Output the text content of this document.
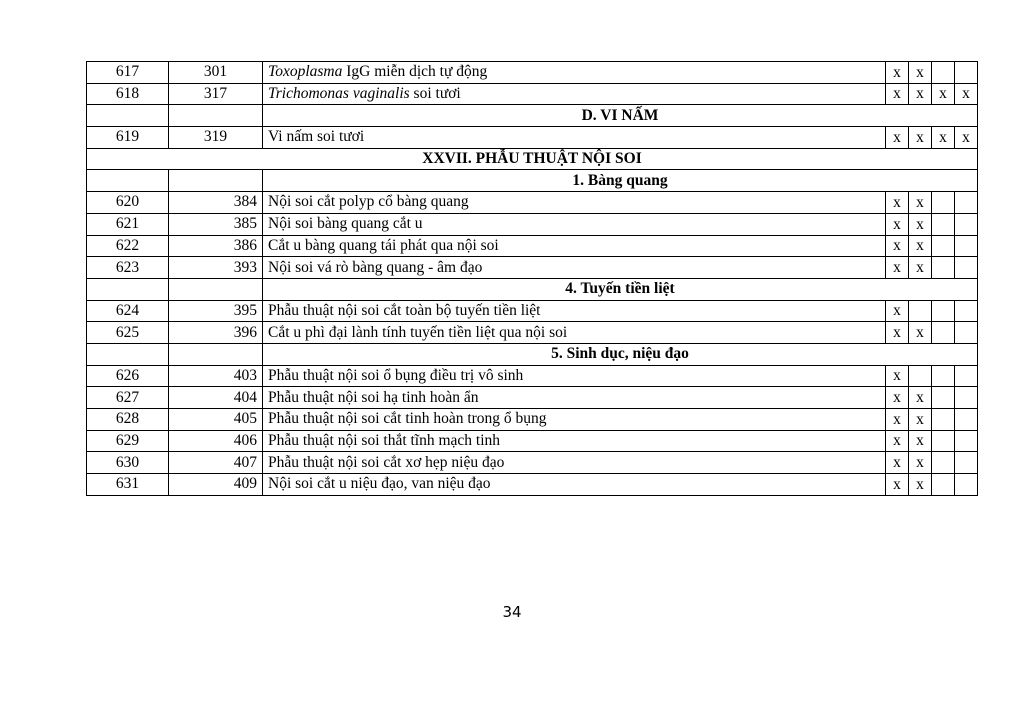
617	301	Toxoplasma IgG miễn dịch tự động	x	x		
618	317	Trichomonas vaginalis soi tươi	x	x	x	x
		D. VI NẤM				
619	319	Vi nấm soi tươi	x	x	x	x
XXVII. PHẪU THUẬT NỘI SOI						
		1. Bàng quang				
620	384	Nội soi cắt polyp cổ bàng quang	x	x		
621	385	Nội soi bàng quang cắt u	x	x		
622	386	Cắt u bàng quang tái phát qua nội soi	x	x		
623	393	Nội soi vá rò bàng quang - âm đạo	x	x		
		4. Tuyến tiền liệt				
624	395	Phẫu thuật nội soi cắt toàn bộ tuyến tiền liệt	x			
625	396	Cắt u phì đại lành tính tuyến tiền liệt qua nội soi	x	x		
		5. Sinh dục, niệu đạo				
626	403	Phẫu thuật nội soi ổ bụng điều trị vô sinh	x			
627	404	Phẫu thuật nội soi hạ tinh hoàn ẩn	x	x		
628	405	Phẫu thuật nội soi cắt tinh hoàn trong ổ bụng	x	x		
629	406	Phẫu thuật nội soi thắt tĩnh mạch tinh	x	x		
630	407	Phẫu thuật nội soi cắt xơ hẹp niệu đạo	x	x		
631	409	Nội soi cắt u niệu đạo, van niệu đạo	x	x		
34
